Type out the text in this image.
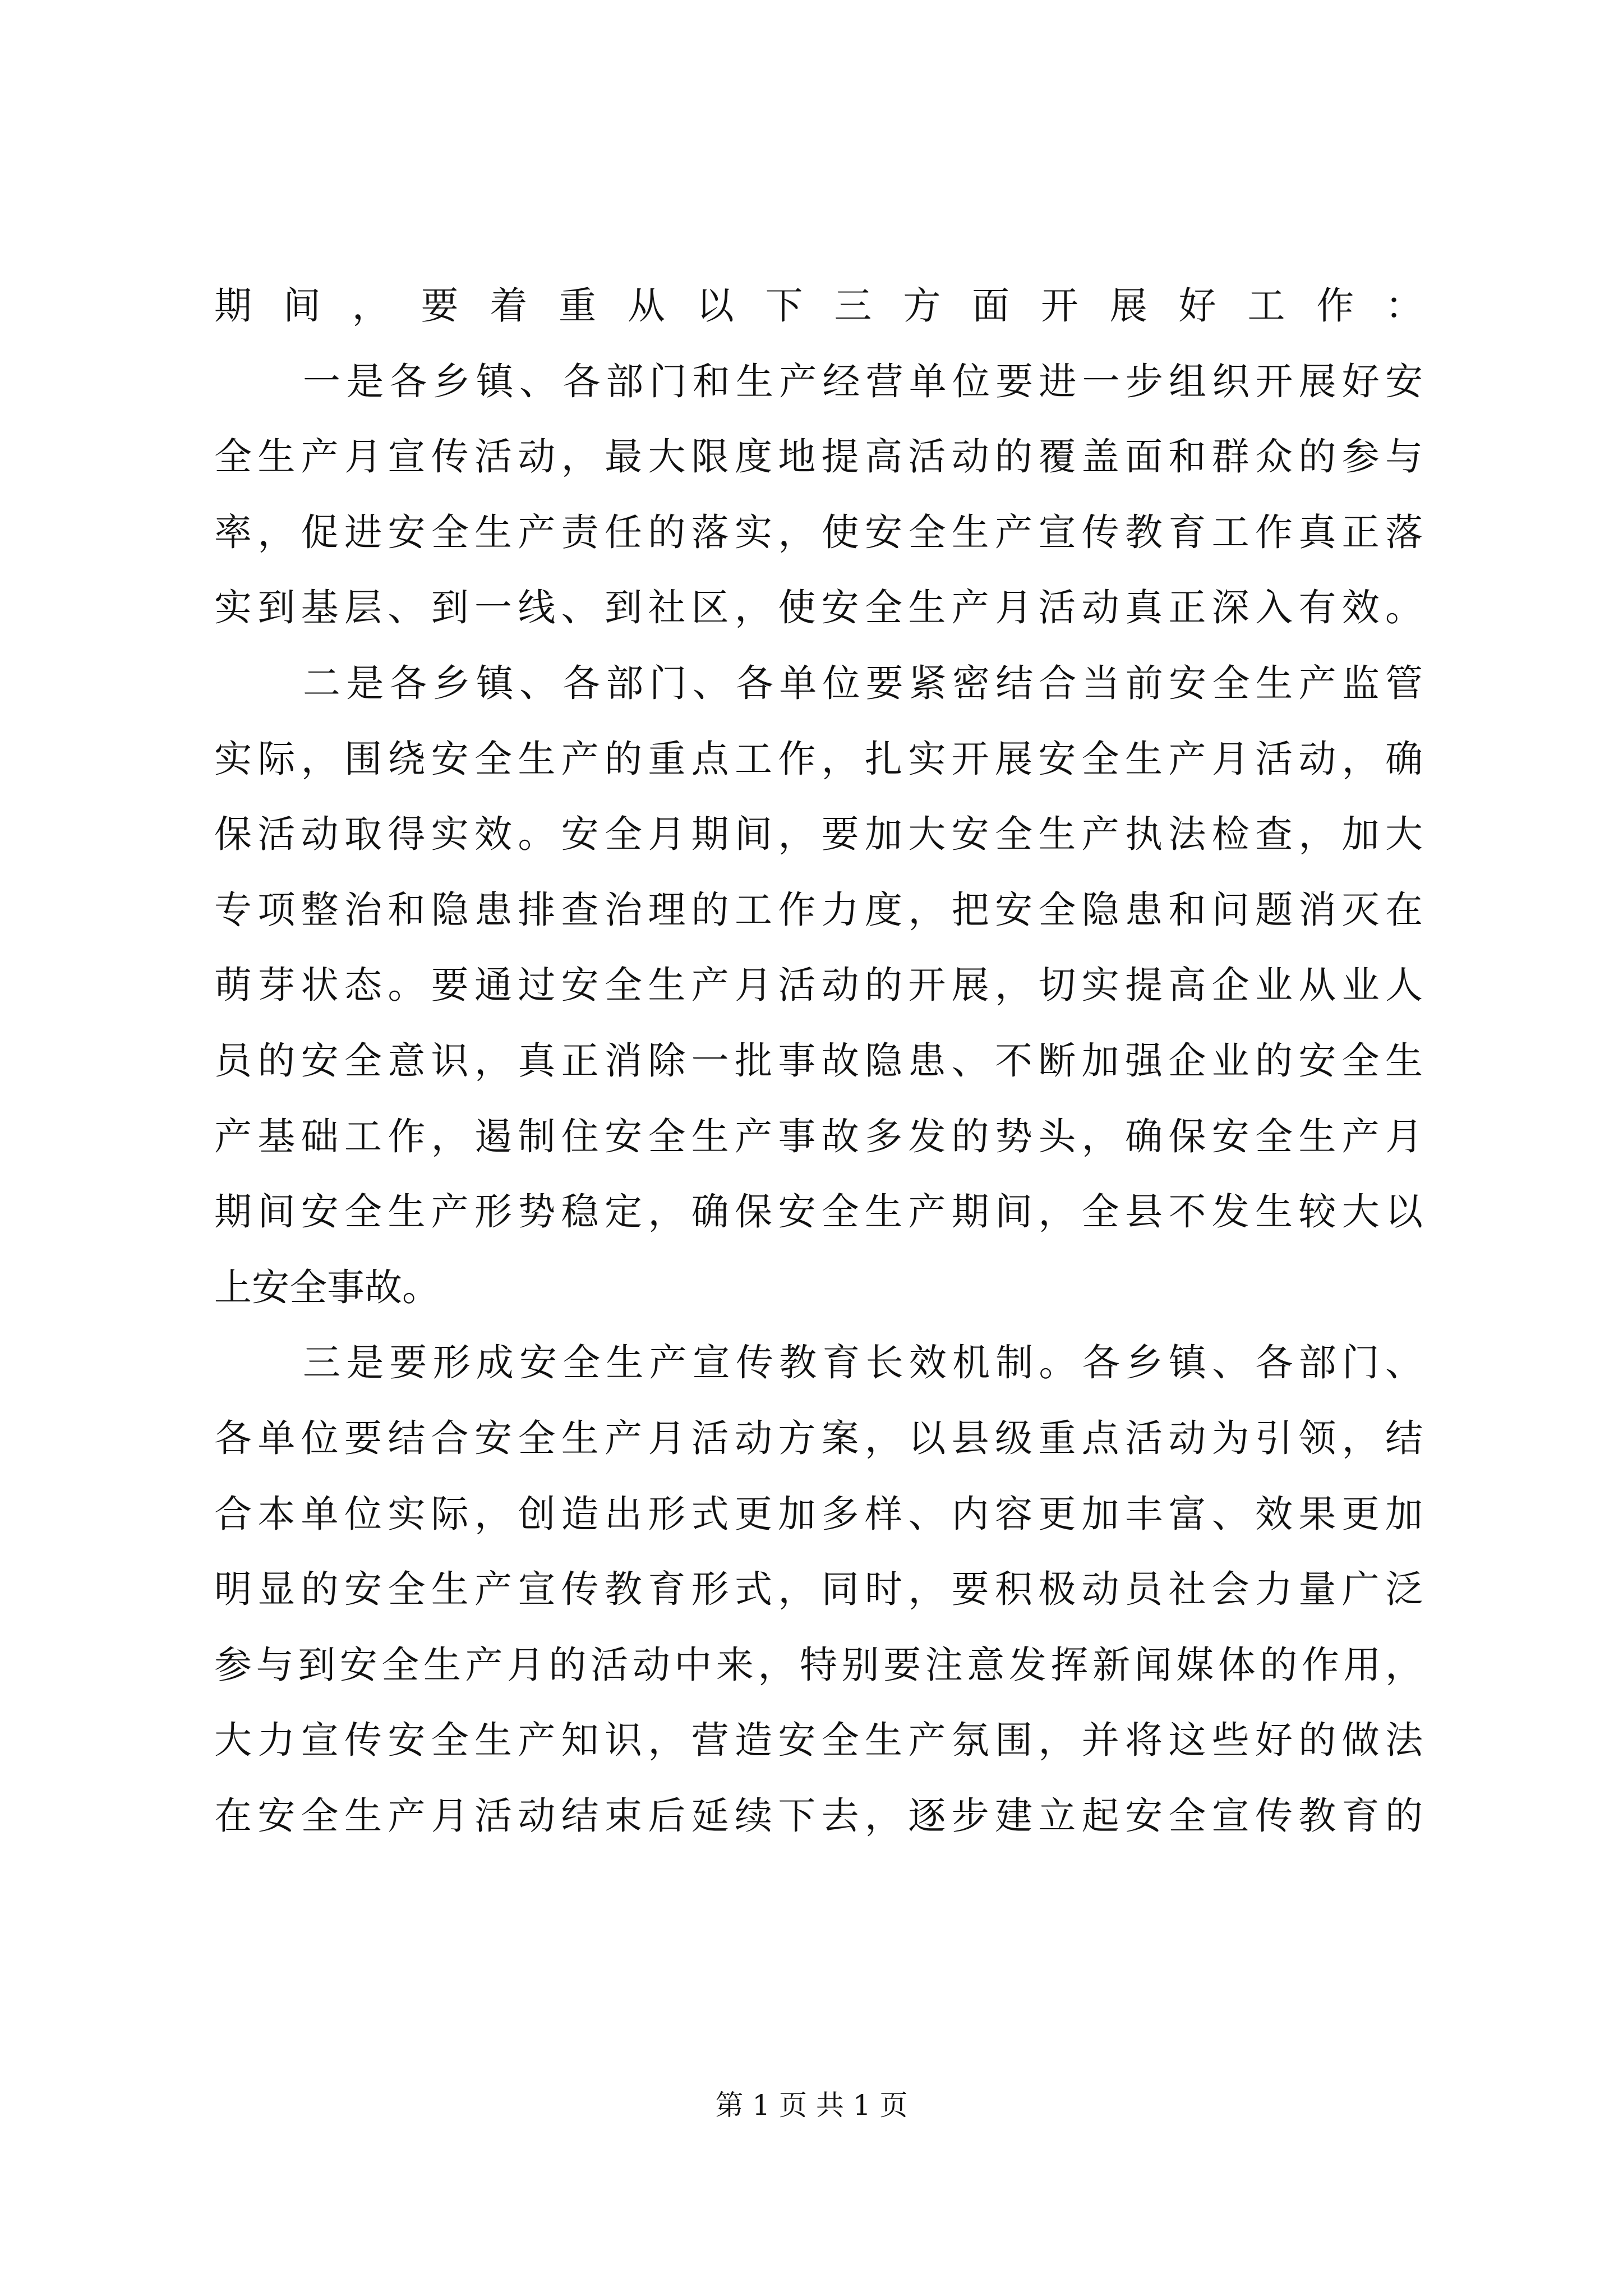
期间，要着重从以下三方面开展好工作：
一是各乡镇、各部门和生产经营单位要进一步组织开展好安
全生产月宣传活动，最大限度地提高活动的覆盖面和群众的参与
率，促进安全生产责任的落实，使安全生产宣传教育工作真正落
实到基层、到一线、到社区，使安全生产月活动真正深入有效。
二是各乡镇、各部门、各单位要紧密结合当前安全生产监管
实际，围绕安全生产的重点工作，扎实开展安全生产月活动，确
保活动取得实效。安全月期间，要加大安全生产执法检查，加大
专项整治和隐患排查治理的工作力度，把安全隐患和问题消灭在
萌芽状态。要通过安全生产月活动的开展，切实提高企业从业人
员的安全意识，真正消除一批事故隐患、不断加强企业的安全生
产基础工作，遏制住安全生产事故多发的势头，确保安全生产月
期间安全生产形势稳定，确保安全生产期间，全县不发生较大以
上安全事故。
三是要形成安全生产宣传教育长效机制。各乡镇、各部门、
各单位要结合安全生产月活动方案，以县级重点活动为引领，结
合本单位实际，创造出形式更加多样、内容更加丰富、效果更加
明显的安全生产宣传教育形式，同时，要积极动员社会力量广泛
参与到安全生产月的活动中来，特别要注意发挥新闻媒体的作用，
大力宣传安全生产知识，营造安全生产氛围，并将这些好的做法
在安全生产月活动结束后延续下去，逐步建立起安全宣传教育的
第 1 页 共 1 页
